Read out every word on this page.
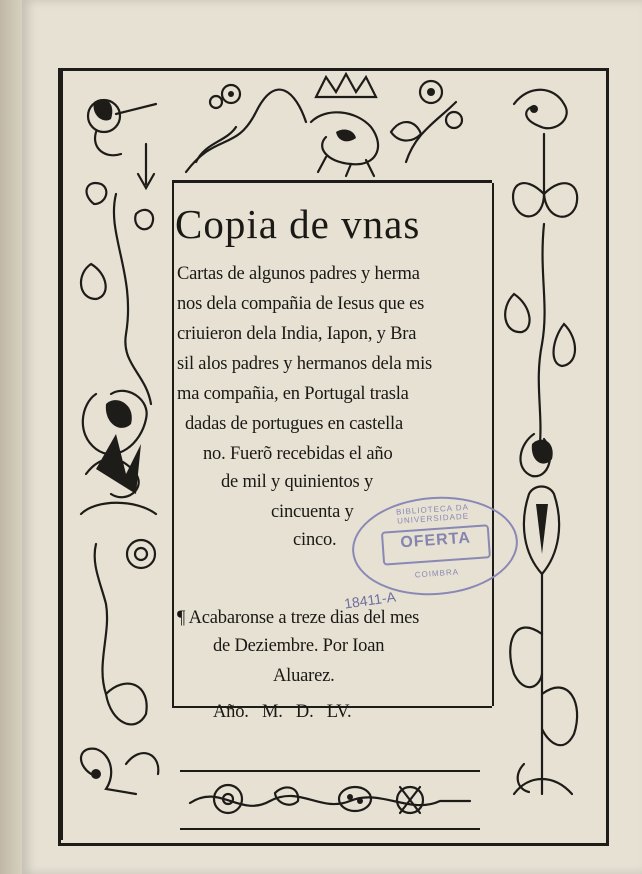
Copia de vnas
Cartas de algunos padres y herma
nos dela compañia de Iesus que es
criuieron dela India, Iapon, y Bra
sil alos padres y hermanos dela mis
ma compañia, en Portugal trasla
dadas de portugues en castella
no. Fuerõ recebidas el año
de mil y quinientos y
cincuenta y
cinco.
¶ Acabaronse a treze dias del mes
de Deziembre. Por Ioan
Aluarez.
Año.   M.   D.   LV.
BIBLIOTECA DA UNIVERSIDADE
OFERTA
COIMBRA
18411-A
